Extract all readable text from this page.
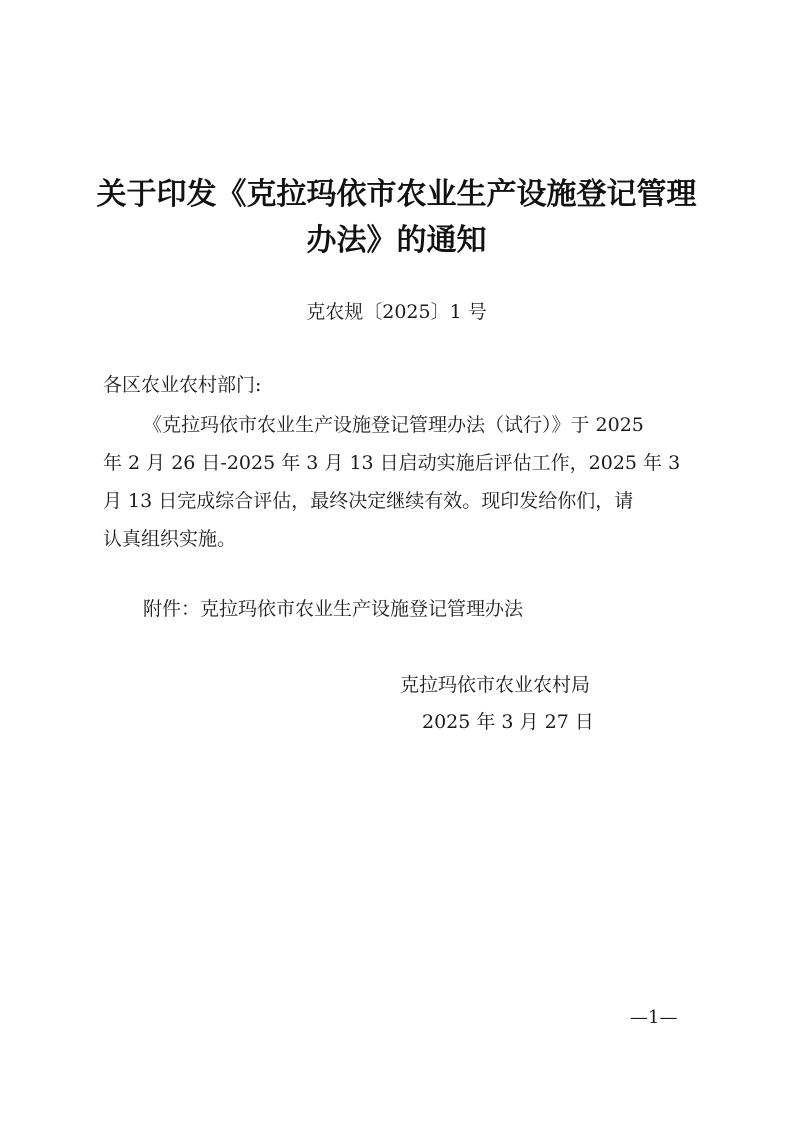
关于印发《克拉玛依市农业生产设施登记管理
办法》的通知
克农规〔2025〕1 号
各区农业农村部门:
《克拉玛依市农业生产设施登记管理办法（试行）》于 2025
年 2 月 26 日-2025 年 3 月 13 日启动实施后评估工作，2025 年 3
月 13 日完成综合评估，最终决定继续有效。现印发给你们，请
认真组织实施。
附件：克拉玛依市农业生产设施登记管理办法
克拉玛依市农业农村局
2025 年 3 月 27 日
—1—
